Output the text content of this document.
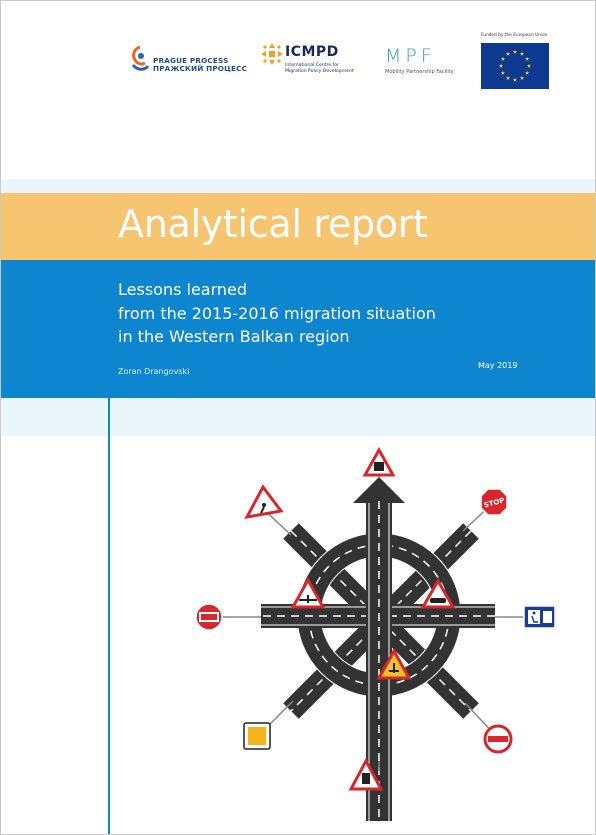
PRAGUE PROCESS
ПРАЖСКИЙ ПРОЦЕСС
ICMPD
International Centre for
Migration Policy Development
MPF
Mobility Partnership Facility
Funded by the European Union
Analytical report
Lessons learned
from the 2015-2016 migration situation
in the Western Balkan region
Zoran Drangovski
May 2019
STOP
